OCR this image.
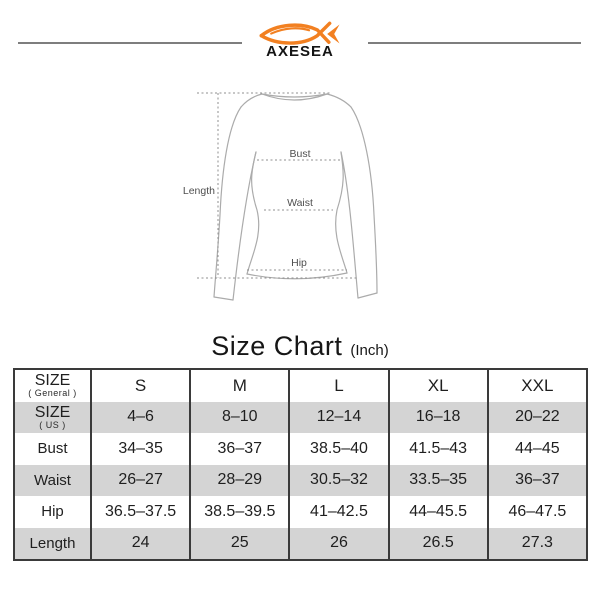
AXESEA
Length
Bust
Waist
Hip
Size Chart (Inch)
SIZE
( General )	S	M	L	XL	XXL

SIZE
( US )	4–6	8–10	12–14	16–18	20–22
Bust	34–35	36–37	38.5–40	41.5–43	44–45
Waist	26–27	28–29	30.5–32	33.5–35	36–37
Hip	36.5–37.5	38.5–39.5	41–42.5	44–45.5	46–47.5
Length	24	25	26	26.5	27.3
